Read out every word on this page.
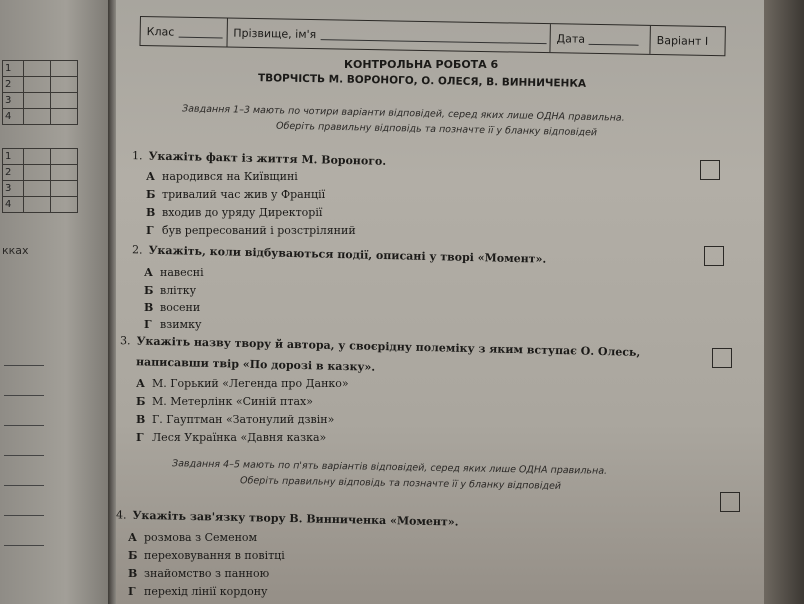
1		
2		
3		
4		
1		
2		
3		
4		
кках
Клас	Прізвище, ім'я	Дата	Варіант І
КОНТРОЛЬНА РОБОТА 6
ТВОРЧІСТЬ М. ВОРОНОГО, О. ОЛЕСЯ, В. ВИННИЧЕНКА
Завдання 1–3 мають по чотири варіанти відповідей, серед яких лише ОДНА правильна.
Оберіть правильну відповідь та позначте її у бланку відповідей
1. Укажіть факт із життя М. Вороного.
А народився на Київщині
Б тривалий час жив у Франції
В входив до уряду Директорії
Г був репресований і розстріляний
2. Укажіть, коли відбуваються події, описані у творі «Момент».
А навесні
Б влітку
В восени
Г взимку
3. Укажіть назву твору й автора, у своєрідну полеміку з яким вступає О. Олесь,
написавши твір «По дорозі в казку».
А М. Горький «Легенда про Данко»
Б М. Метерлінк «Синій птах»
В Г. Гауптман «Затонулий дзвін»
Г Леся Українка «Давня казка»
Завдання 4–5 мають по п'ять варіантів відповідей, серед яких лише ОДНА правильна.
Оберіть правильну відповідь та позначте її у бланку відповідей
4. Укажіть зав'язку твору В. Винниченка «Момент».
А розмова з Семеном
Б переховування в повітці
В знайомство з панною
Г перехід лінії кордону
